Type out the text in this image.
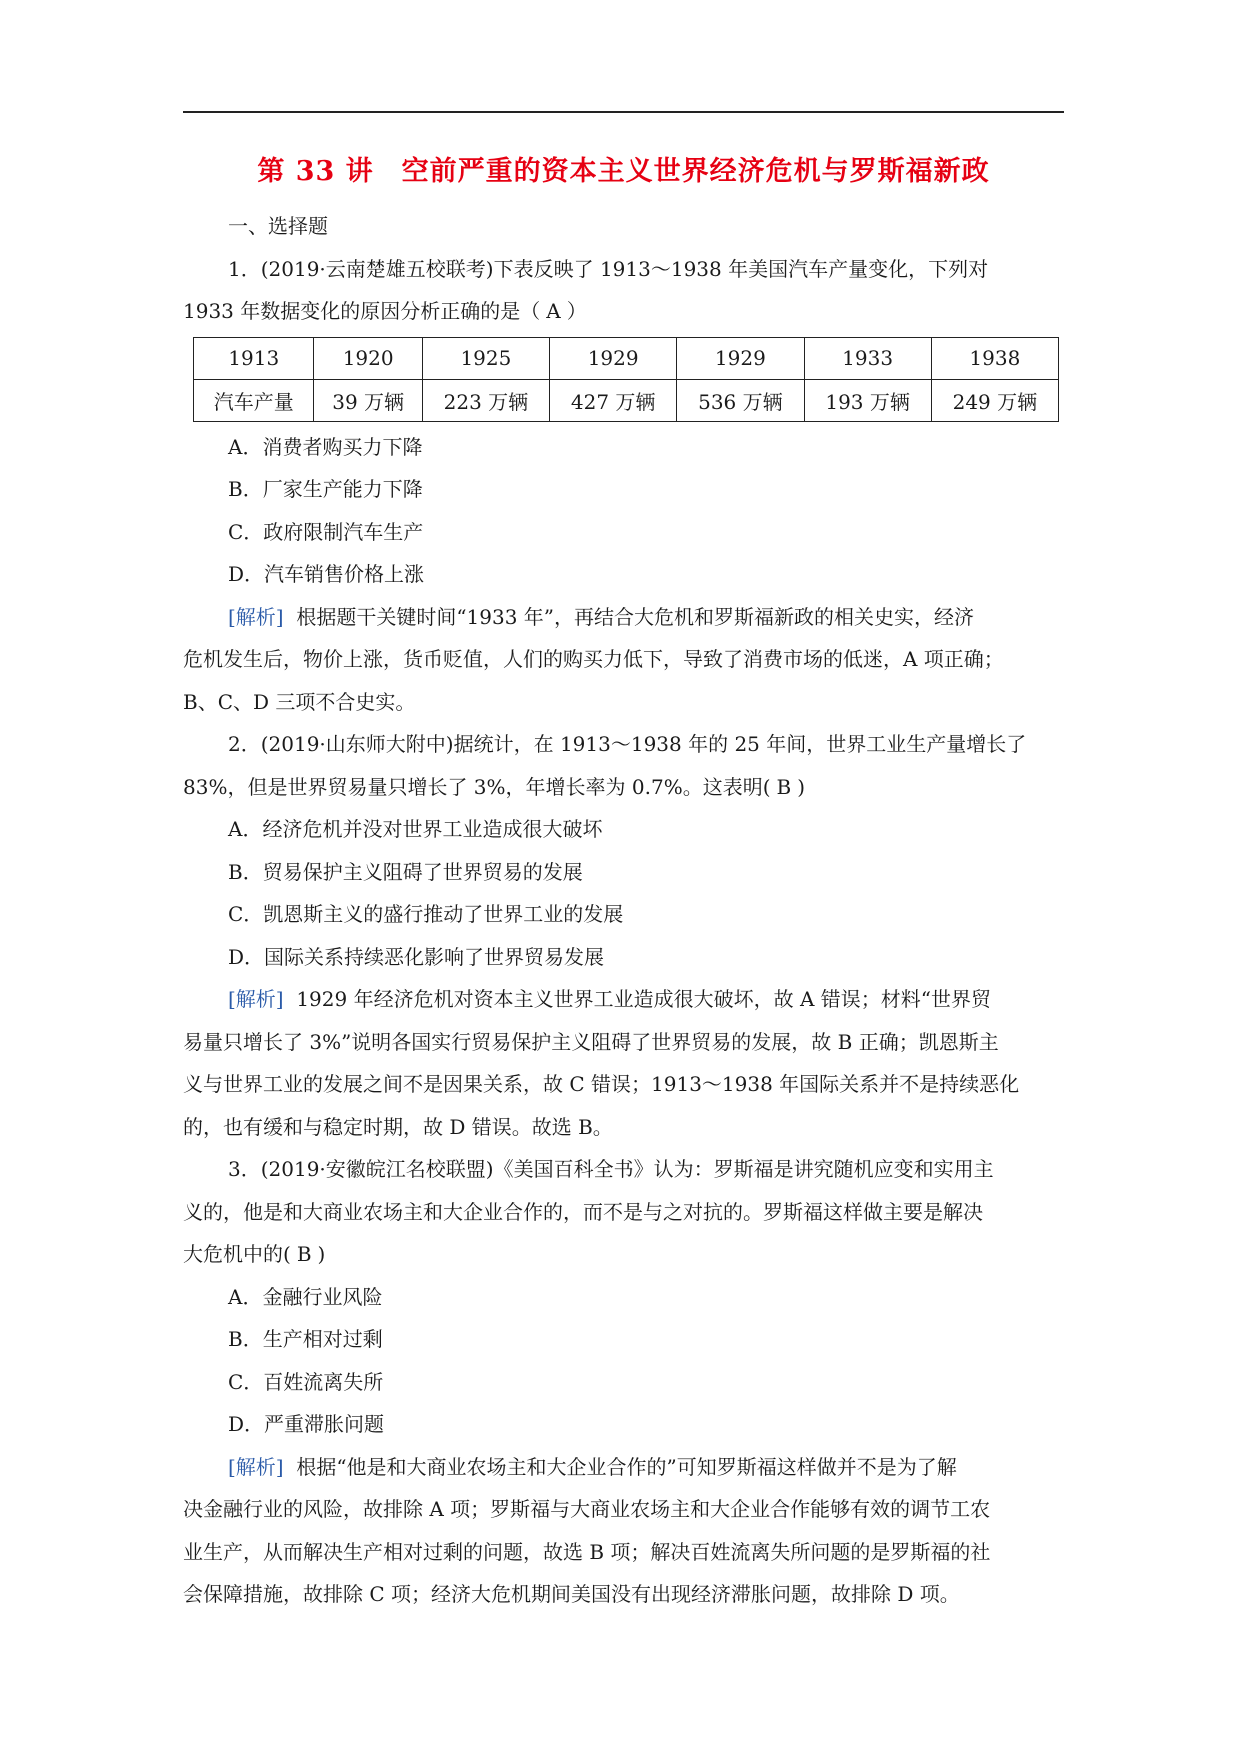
第 33 讲　空前严重的资本主义世界经济危机与罗斯福新政
一、选择题
1．(2019·云南楚雄五校联考)下表反映了 1913～1938 年美国汽车产量变化，下列对
1933 年数据变化的原因分析正确的是（ A ）
1913	1920	1925	1929	1929	1933	1938
汽车产量	39 万辆	223 万辆	427 万辆	536 万辆	193 万辆	249 万辆
A．消费者购买力下降
B．厂家生产能力下降
C．政府限制汽车生产
D．汽车销售价格上涨
[解析] 根据题干关键时间“1933 年”，再结合大危机和罗斯福新政的相关史实，经济
危机发生后，物价上涨，货币贬值，人们的购买力低下，导致了消费市场的低迷，A 项正确；
B、C、D 三项不合史实。
2．(2019·山东师大附中)据统计，在 1913～1938 年的 25 年间，世界工业生产量增长了
83%，但是世界贸易量只增长了 3%，年增长率为 0.7%。这表明( B )
A．经济危机并没对世界工业造成很大破坏
B．贸易保护主义阻碍了世界贸易的发展
C．凯恩斯主义的盛行推动了世界工业的发展
D．国际关系持续恶化影响了世界贸易发展
[解析] 1929 年经济危机对资本主义世界工业造成很大破坏，故 A 错误；材料“世界贸
易量只增长了 3%”说明各国实行贸易保护主义阻碍了世界贸易的发展，故 B 正确；凯恩斯主
义与世界工业的发展之间不是因果关系，故 C 错误；1913～1938 年国际关系并不是持续恶化
的，也有缓和与稳定时期，故 D 错误。故选 B。
3．(2019·安徽皖江名校联盟)《美国百科全书》认为：罗斯福是讲究随机应变和实用主
义的，他是和大商业农场主和大企业合作的，而不是与之对抗的。罗斯福这样做主要是解决
大危机中的( B )
A．金融行业风险
B．生产相对过剩
C．百姓流离失所
D．严重滞胀问题
[解析] 根据“他是和大商业农场主和大企业合作的”可知罗斯福这样做并不是为了解
决金融行业的风险，故排除 A 项；罗斯福与大商业农场主和大企业合作能够有效的调节工农
业生产，从而解决生产相对过剩的问题，故选 B 项；解决百姓流离失所问题的是罗斯福的社
会保障措施，故排除 C 项；经济大危机期间美国没有出现经济滞胀问题，故排除 D 项。
